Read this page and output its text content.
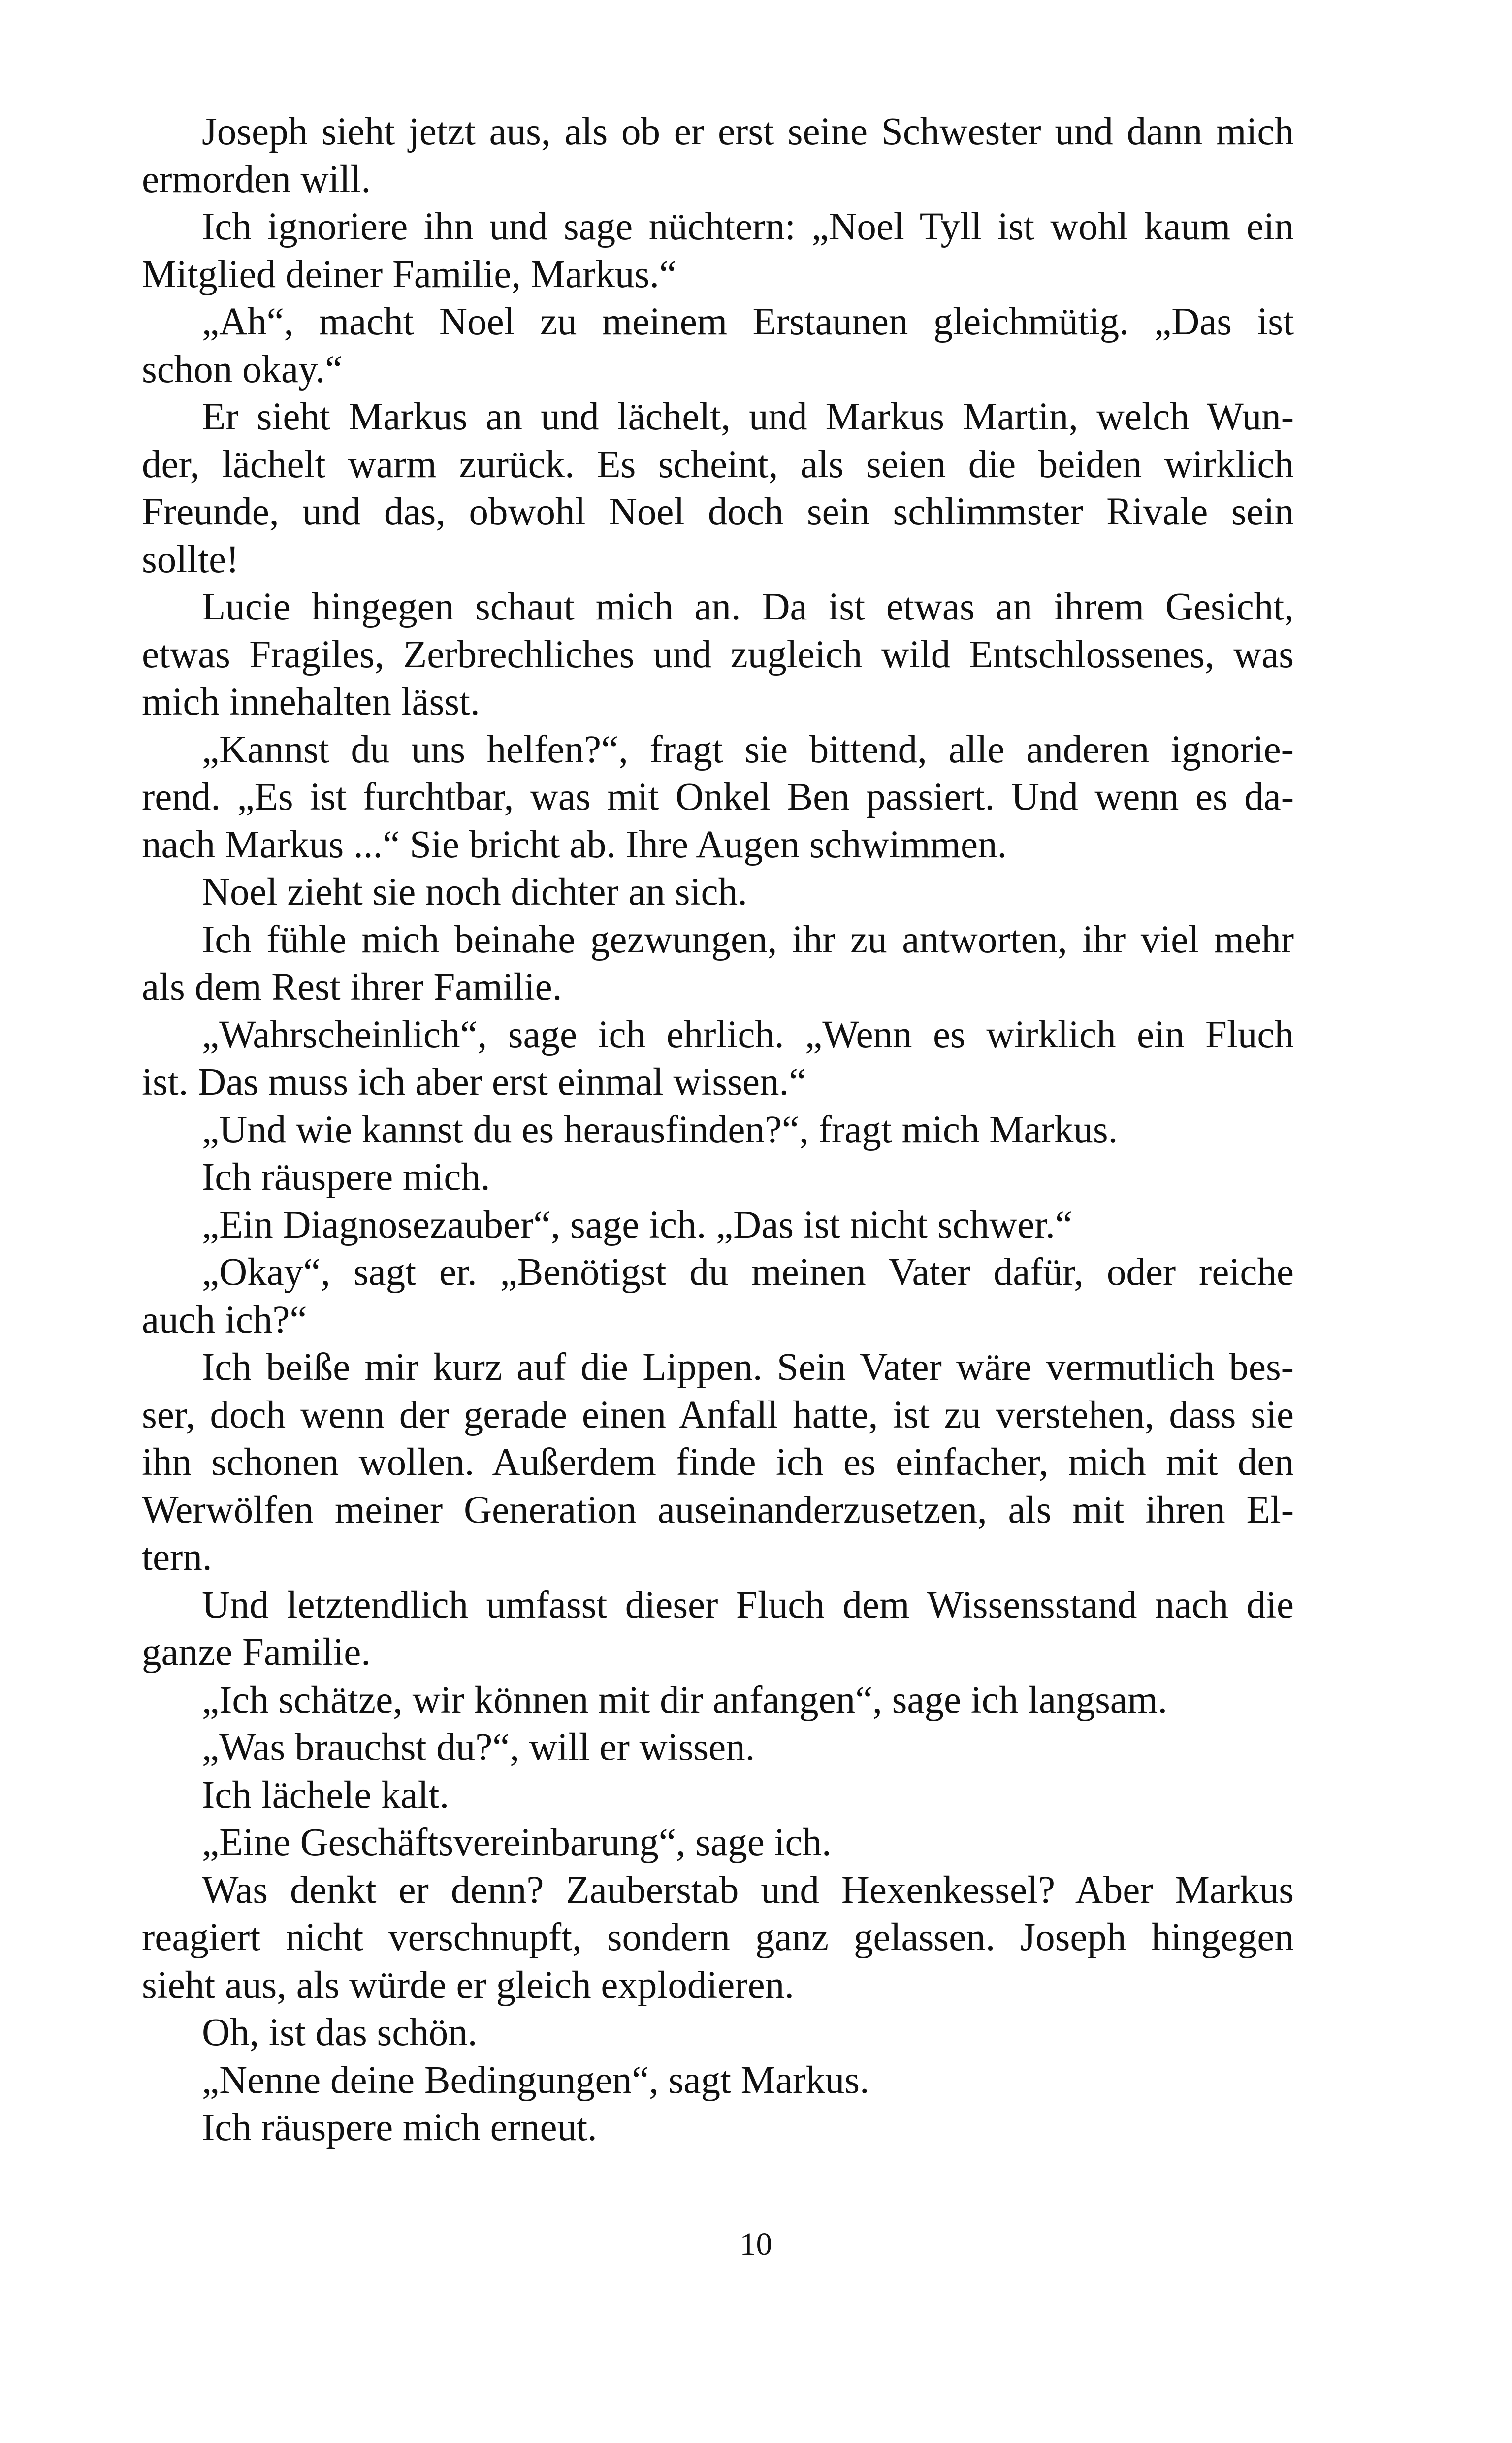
Joseph sieht jetzt aus, als ob er erst seine Schwester und dann mich
ermorden will.
Ich ignoriere ihn und sage nüchtern: „Noel Tyll ist wohl kaum ein
Mitglied deiner Familie, Markus.“
„Ah“, macht Noel zu meinem Erstaunen gleichmütig. „Das ist
schon okay.“
Er sieht Markus an und lächelt, und Markus Martin, welch Wun-
der, lächelt warm zurück. Es scheint, als seien die beiden wirklich
Freunde, und das, obwohl Noel doch sein schlimmster Rivale sein
sollte!
Lucie hingegen schaut mich an. Da ist etwas an ihrem Gesicht,
etwas Fragiles, Zerbrechliches und zugleich wild Entschlossenes, was
mich innehalten lässt.
„Kannst du uns helfen?“, fragt sie bittend, alle anderen ignorie-
rend. „Es ist furchtbar, was mit Onkel Ben passiert. Und wenn es da-
nach Markus ...“ Sie bricht ab. Ihre Augen schwimmen.
Noel zieht sie noch dichter an sich.
Ich fühle mich beinahe gezwungen, ihr zu antworten, ihr viel mehr
als dem Rest ihrer Familie.
„Wahrscheinlich“, sage ich ehrlich. „Wenn es wirklich ein Fluch
ist. Das muss ich aber erst einmal wissen.“
„Und wie kannst du es herausfinden?“, fragt mich Markus.
Ich räuspere mich.
„Ein Diagnosezauber“, sage ich. „Das ist nicht schwer.“
„Okay“, sagt er. „Benötigst du meinen Vater dafür, oder reiche
auch ich?“
Ich beiße mir kurz auf die Lippen. Sein Vater wäre vermutlich bes-
ser, doch wenn der gerade einen Anfall hatte, ist zu verstehen, dass sie
ihn schonen wollen. Außerdem finde ich es einfacher, mich mit den
Werwölfen meiner Generation auseinanderzusetzen, als mit ihren El-
tern.
Und letztendlich umfasst dieser Fluch dem Wissensstand nach die
ganze Familie.
„Ich schätze, wir können mit dir anfangen“, sage ich langsam.
„Was brauchst du?“, will er wissen.
Ich lächele kalt.
„Eine Geschäftsvereinbarung“, sage ich.
Was denkt er denn? Zauberstab und Hexenkessel? Aber Markus
reagiert nicht verschnupft, sondern ganz gelassen. Joseph hingegen
sieht aus, als würde er gleich explodieren.
Oh, ist das schön.
„Nenne deine Bedingungen“, sagt Markus.
Ich räuspere mich erneut.
10
